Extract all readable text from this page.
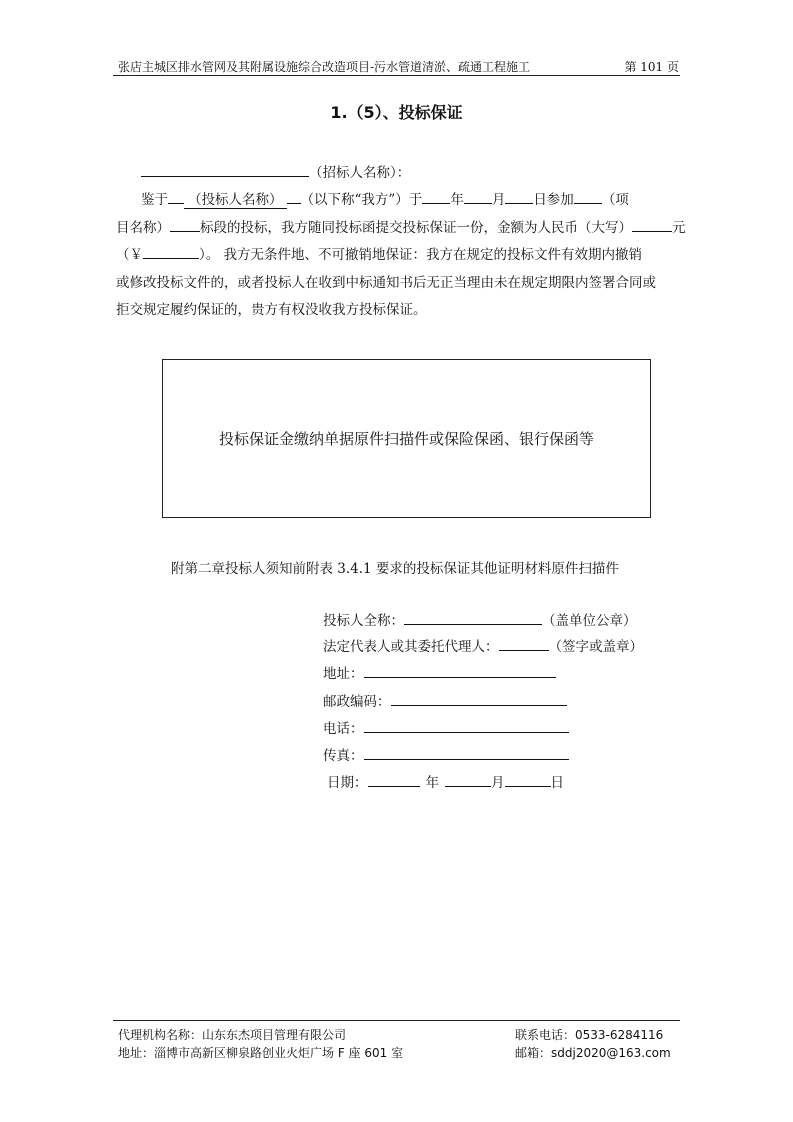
张店主城区排水管网及其附属设施综合改造项目-污水管道清淤、疏通工程施工	第 101 页
1.（5）、投标保证
（招标人名称）：
鉴于 （投标人名称） （以下称“我方”）于 年 月 日参加 （项
目名称） 标段的投标，我方随同投标函提交投标保证一份，金额为人民币（大写）	元
（￥	）。 我方无条件地、不可撤销地保证：我方在规定的投标文件有效期内撤销
或修改投标文件的，或者投标人在收到中标通知书后无正当理由未在规定期限内签署合同或
拒交规定履约保证的，贵方有权没收我方投标保证。
投标保证金缴纳单据原件扫描件或保险保函、银行保函等
附第二章投标人须知前附表 3.4.1 要求的投标保证其他证明材料原件扫描件
投标人全称：	（盖单位公章）
法定代表人或其委托代理人：	（签字或盖章）
地址：
邮政编码：
电话：
传真：
日期：	年	月	日
代理机构名称：山东东杰项目管理有限公司	联系电话：0533-6284116
地址：淄博市高新区柳泉路创业火炬广场 F 座 601 室	邮箱：sddj2020@163.com
